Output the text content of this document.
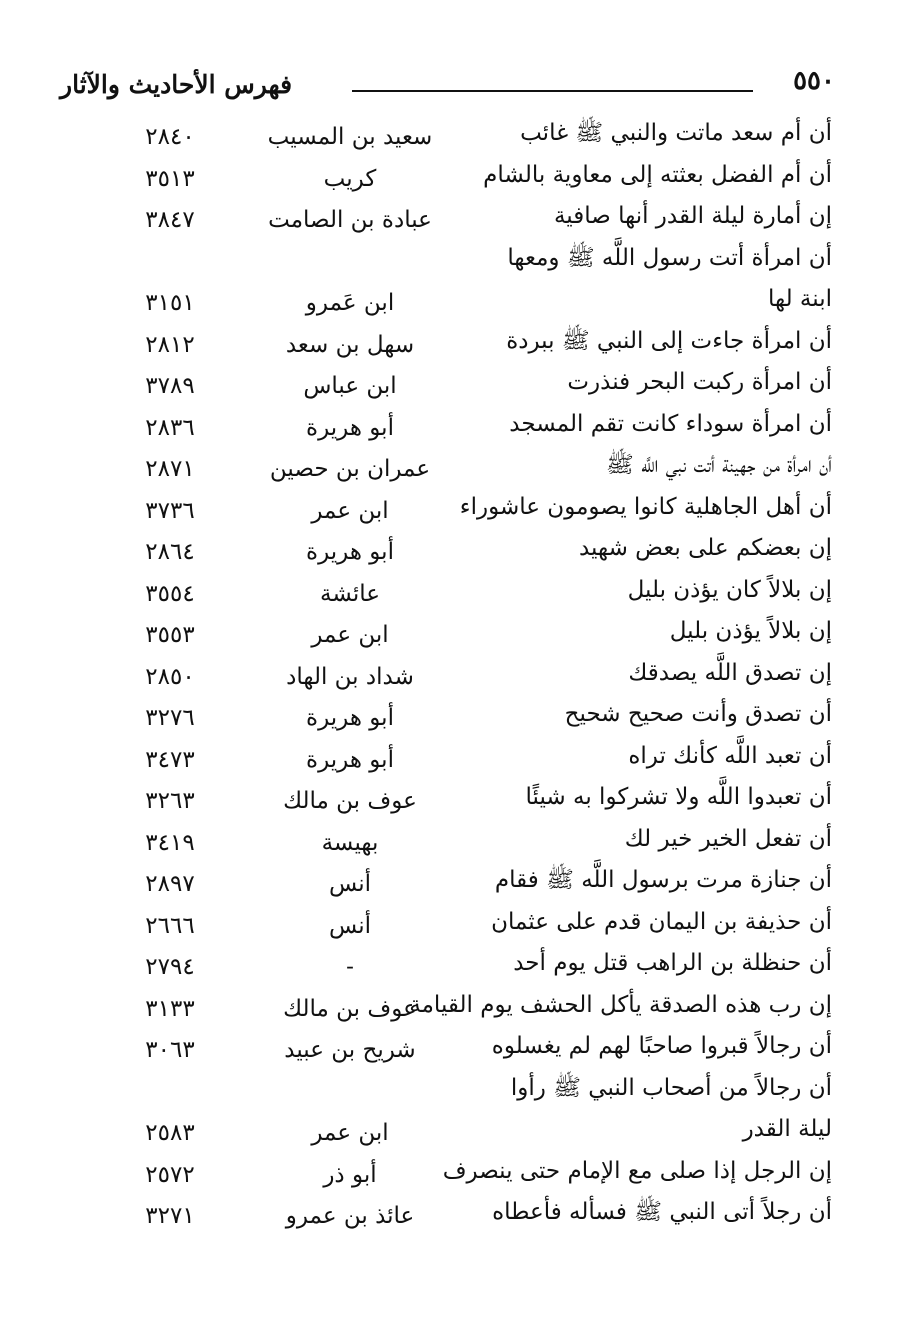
فهرس الأحاديث والآثار	٥٥٠
أن أم سعد ماتت والنبي ﷺ غائب
سعيد بن المسيب
٢٨٤٠
أن أم الفضل بعثته إلى معاوية بالشام
كريب
٣٥١٣
إن أمارة ليلة القدر أنها صافية
عبادة بن الصامت
٣٨٤٧
أن امرأة أتت رسول اللَّه ﷺ ومعها
ابنة لها
ابن عَمرو
٣١٥١
أن امرأة جاءت إلى النبي ﷺ ببردة
سهل بن سعد
٢٨١٢
أن امرأة ركبت البحر فنذرت
ابن عباس
٣٧٨٩
أن امرأة سوداء كانت تقم المسجد
أبو هريرة
٢٨٣٦
أن امرأة من جهينة أتت نبي اللَّه ﷺ
عمران بن حصين
٢٨٧١
أن أهل الجاهلية كانوا يصومون عاشوراء
ابن عمر
٣٧٣٦
إن بعضكم على بعض شهيد
أبو هريرة
٢٨٦٤
إن بلالاً كان يؤذن بليل
عائشة
٣٥٥٤
إن بلالاً يؤذن بليل
ابن عمر
٣٥٥٣
إن تصدق اللَّه يصدقك
شداد بن الهاد
٢٨٥٠
أن تصدق وأنت صحيح شحيح
أبو هريرة
٣٢٧٦
أن تعبد اللَّه كأنك تراه
أبو هريرة
٣٤٧٣
أن تعبدوا اللَّه ولا تشركوا به شيئًا
عوف بن مالك
٣٢٦٣
أن تفعل الخير خير لك
بهيسة
٣٤١٩
أن جنازة مرت برسول اللَّه ﷺ فقام
أنس
٢٨٩٧
أن حذيفة بن اليمان قدم على عثمان
أنس
٢٦٦٦
أن حنظلة بن الراهب قتل يوم أحد
-
٢٧٩٤
إن رب هذه الصدقة يأكل الحشف يوم القيامة
عوف بن مالك
٣١٣٣
أن رجالاً قبروا صاحبًا لهم لم يغسلوه
شريح بن عبيد
٣٠٦٣
أن رجالاً من أصحاب النبي ﷺ رأوا
ليلة القدر
ابن عمر
٢٥٨٣
إن الرجل إذا صلى مع الإمام حتى ينصرف
أبو ذر
٢٥٧٢
أن رجلاً أتى النبي ﷺ فسأله فأعطاه
عائذ بن عمرو
٣٢٧١
